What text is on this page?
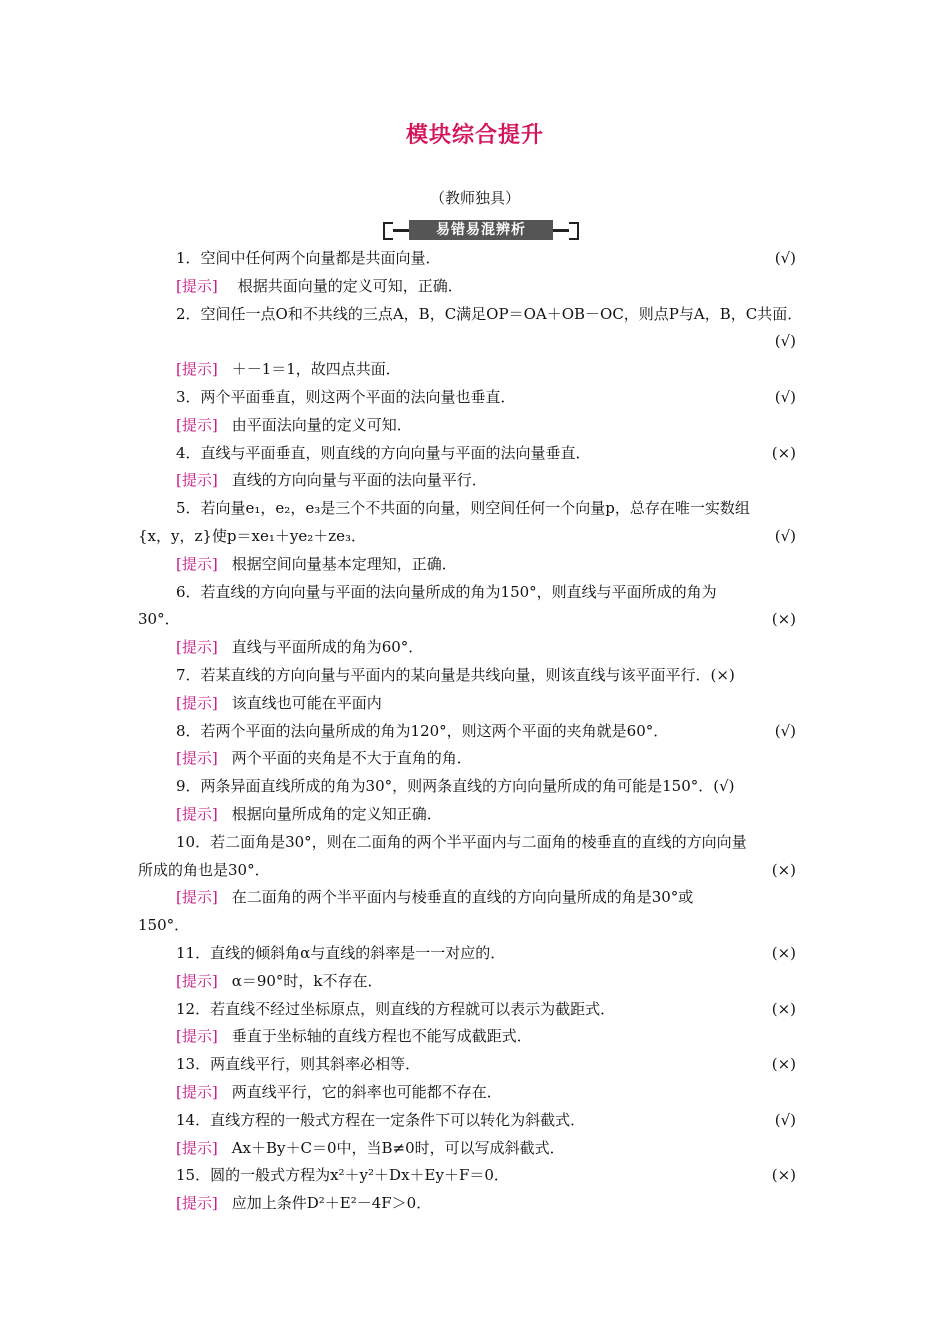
模块综合提升
（教师独具）
易错易混辨析
1．空间中任何两个向量都是共面向量．	(√)
[提示] 根据共面向量的定义可知，正确．
2．空间任一点O和不共线的三点A，B，C满足OP＝OA＋OB－OC，则点P与A，B，C共面．
(√)
[提示] ＋－1＝1，故四点共面．
3．两个平面垂直，则这两个平面的法向量也垂直．	(√)
[提示] 由平面法向量的定义可知．
4．直线与平面垂直，则直线的方向向量与平面的法向量垂直．	(×)
[提示] 直线的方向向量与平面的法向量平行．
5．若向量e₁，e₂，e₃是三个不共面的向量，则空间任何一个向量p，总存在唯一实数组
{x，y，z}使p＝xe₁＋ye₂＋ze₃．	(√)
[提示] 根据空间向量基本定理知，正确．
6．若直线的方向向量与平面的法向量所成的角为150°，则直线与平面所成的角为
30°．	(×)
[提示] 直线与平面所成的角为60°．
7．若某直线的方向向量与平面内的某向量是共线向量，则该直线与该平面平行．(×)
[提示] 该直线也可能在平面内
8．若两个平面的法向量所成的角为120°，则这两个平面的夹角就是60°．	(√)
[提示] 两个平面的夹角是不大于直角的角．
9．两条异面直线所成的角为30°，则两条直线的方向向量所成的角可能是150°．(√)
[提示] 根据向量所成角的定义知正确．
10．若二面角是30°，则在二面角的两个半平面内与二面角的棱垂直的直线的方向向量
所成的角也是30°．	(×)
[提示] 在二面角的两个半平面内与棱垂直的直线的方向向量所成的角是30°或
150°．
11．直线的倾斜角α与直线的斜率是一一对应的．	(×)
[提示] α＝90°时，k不存在．
12．若直线不经过坐标原点，则直线的方程就可以表示为截距式．	(×)
[提示] 垂直于坐标轴的直线方程也不能写成截距式．
13．两直线平行，则其斜率必相等．	(×)
[提示] 两直线平行，它的斜率也可能都不存在．
14．直线方程的一般式方程在一定条件下可以转化为斜截式．	(√)
[提示] Ax＋By＋C＝0中，当B≠0时，可以写成斜截式．
15．圆的一般式方程为x²＋y²＋Dx＋Ey＋F＝0．	(×)
[提示] 应加上条件D²＋E²－4F＞0．
